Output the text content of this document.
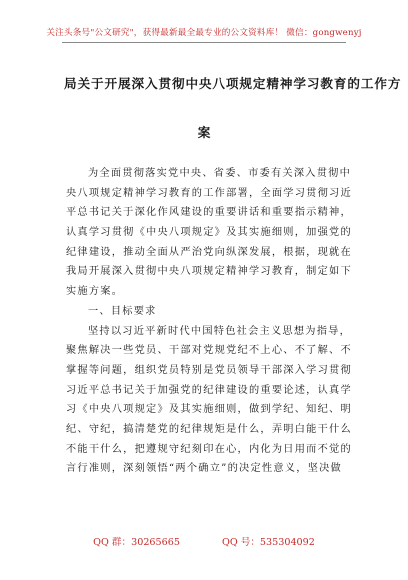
关注头条号"公文研究"，获得最新最全最专业的公文资料库！ 微信：gongwenyj
局关于开展深入贯彻中央八项规定精神学习教育的工作方
案
为全面贯彻落实党中央、省委、市委有关深入贯彻中
央八项规定精神学习教育的工作部署，全面学习贯彻习近
平总书记关于深化作风建设的重要讲话和重要指示精神，
认真学习贯彻《中央八项规定》及其实施细则，加强党的
纪律建设，推动全面从严治党向纵深发展，根据，现就在
我局开展深入贯彻中央八项规定精神学习教育，制定如下
实施方案。
一、目标要求
坚持以习近平新时代中国特色社会主义思想为指导，
聚焦解决一些党员、干部对党规党纪不上心、不了解、不
掌握等问题，组织党员特别是党员领导干部深入学习贯彻
习近平总书记关于加强党的纪律建设的重要论述，认真学
习《中央八项规定》及其实施细则，做到学纪、知纪、明
纪、守纪，搞清楚党的纪律规矩是什么，弄明白能干什么
不能干什么，把遵规守纪刻印在心，内化为日用而不觉的
言行准则，深刻领悟“两个确立”的决定性意义，坚决做
QQ 群：30265665	QQ 号：535304092
